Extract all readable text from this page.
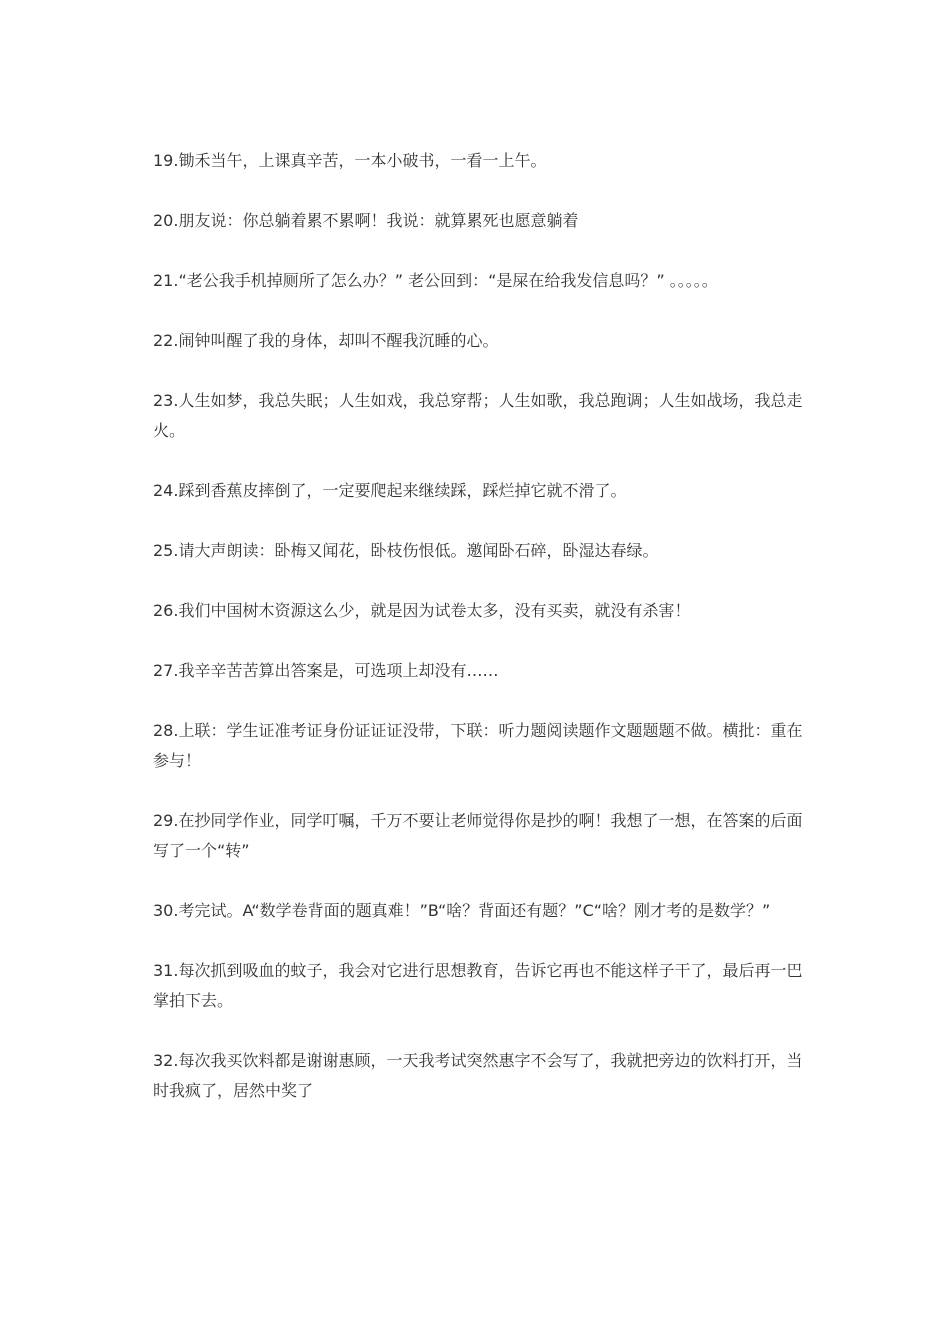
19.锄禾当午，上课真辛苦，一本小破书，一看一上午。

20.朋友说：你总躺着累不累啊！我说：就算累死也愿意躺着

21.“老公我手机掉厕所了怎么办？” 老公回到：“是屎在给我发信息吗？” 。。。。。

22.闹钟叫醒了我的身体，却叫不醒我沉睡的心。

23.人生如梦，我总失眠；人生如戏，我总穿帮；人生如歌，我总跑调；人生如战场，我总走火。

24.踩到香蕉皮摔倒了，一定要爬起来继续踩，踩烂掉它就不滑了。

25.请大声朗读：卧梅又闻花，卧枝伤恨低。邀闻卧石碎，卧湿达春绿。

26.我们中国树木资源这么少，就是因为试卷太多，没有买卖，就没有杀害！

27.我辛辛苦苦算出答案是，可选项上却没有……

28.上联：学生证准考证身份证证证没带，下联：听力题阅读题作文题题题不做。横批：重在参与！

29.在抄同学作业，同学叮嘱，千万不要让老师觉得你是抄的啊！我想了一想，在答案的后面写了一个“转”

30.考完试。A“数学卷背面的题真难！”B“啥？背面还有题？”C“啥？刚才考的是数学？”

31.每次抓到吸血的蚊子，我会对它进行思想教育，告诉它再也不能这样子干了，最后再一巴掌拍下去。

32.每次我买饮料都是谢谢惠顾，一天我考试突然惠字不会写了，我就把旁边的饮料打开，当时我疯了，居然中奖了
